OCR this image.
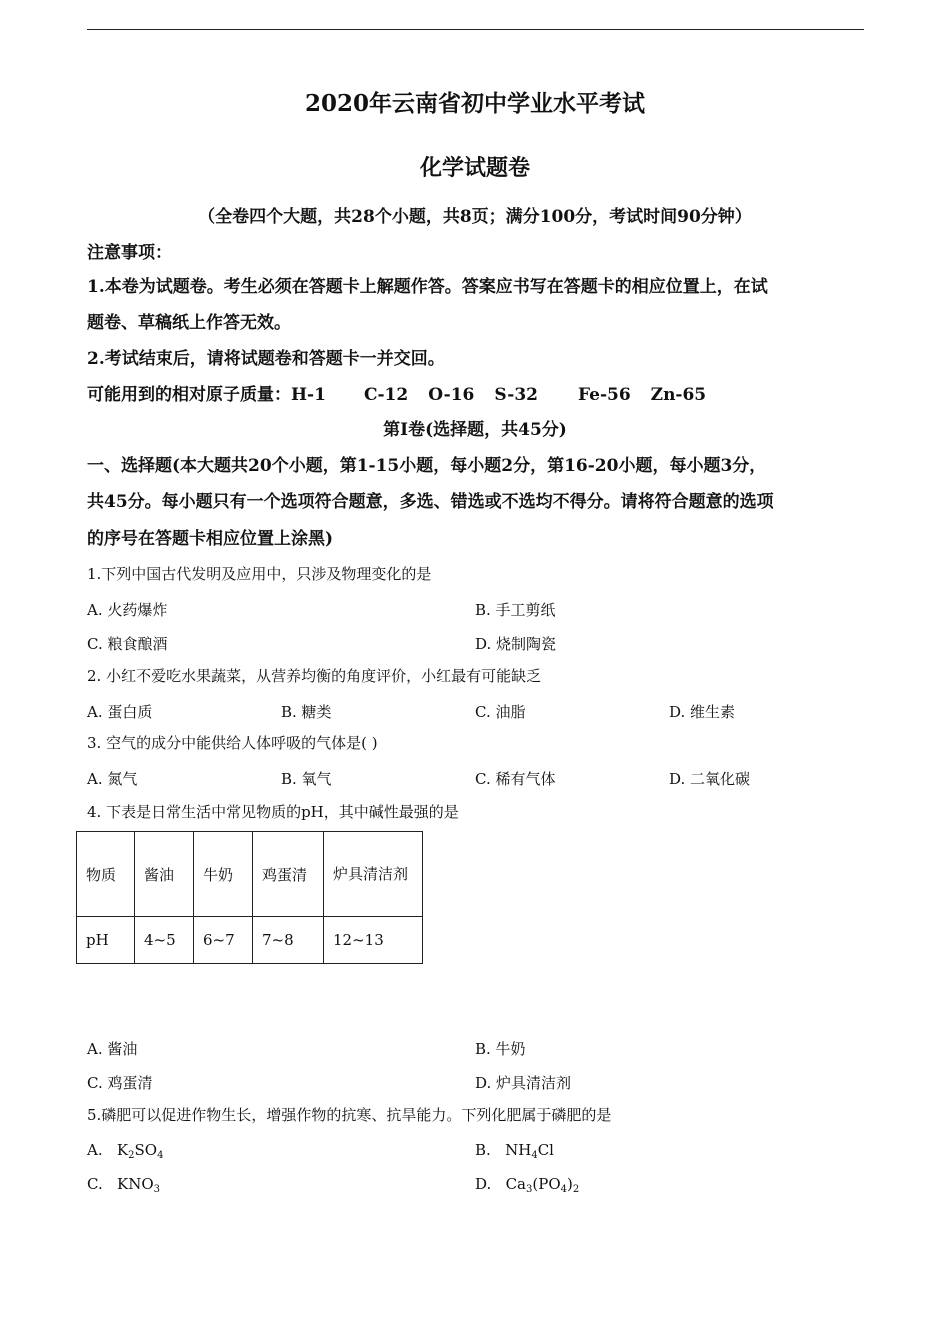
2020年云南省初中学业水平考试
化学试题卷
（全卷四个大题，共28个小题，共8页；满分100分，考试时间90分钟）
注意事项：
1.本卷为试题卷。考生必须在答题卡上解题作答。答案应书写在答题卡的相应位置上，在试
题卷、草稿纸上作答无效。
2.考试结束后，请将试题卷和答题卡一并交回。
可能用到的相对原子质量：H-1 C-12 O-16 S-32 Fe-56 Zn-65
第Ⅰ卷(选择题，共45分)
一、选择题(本大题共20个小题，第1-15小题，每小题2分，第16-20小题，每小题3分，
共45分。每小题只有一个选项符合题意，多选、错选或不选均不得分。请将符合题意的选项
的序号在答题卡相应位置上涂黑)
1.下列中国古代发明及应用中，只涉及物理变化的是
A. 火药爆炸	B. 手工剪纸
C. 粮食酿酒	D. 烧制陶瓷
2. 小红不爱吃水果蔬菜，从营养均衡的角度评价，小红最有可能缺乏
A. 蛋白质	B. 糖类	C. 油脂	D. 维生素
3. 空气的成分中能供给人体呼吸的气体是( )
A. 氮气	B. 氧气	C. 稀有气体	D. 二氧化碳
4. 下表是日常生活中常见物质的pH，其中碱性最强的是
物质	酱油	牛奶	鸡蛋清	炉具清洁剂
pH	4~5	6~7	7~8	12~13
A. 酱油	B. 牛奶
C. 鸡蛋清	D. 炉具清洁剂
5.磷肥可以促进作物生长，增强作物的抗寒、抗旱能力。下列化肥属于磷肥的是
A. $K_2SO_4$	B. $NH_4Cl$
C. $KNO_3$	D. $Ca_3(PO_4)_2$
